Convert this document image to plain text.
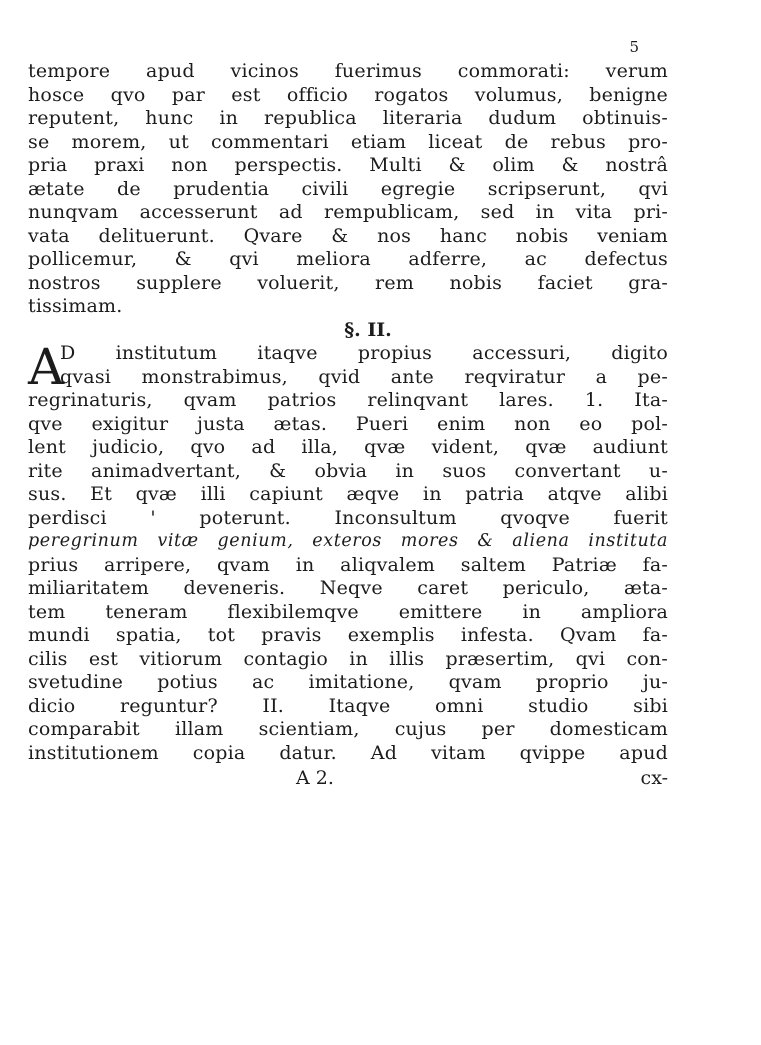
5
tempore apud vicinos fuerimus commorati: verum
hosce qvo par est officio rogatos volumus, benigne
reputent, hunc in republica literaria dudum obtinuis-
se morem, ut commentari etiam liceat de rebus pro-
pria praxi non perspectis. Multi & olim & nostrâ
ætate de prudentia civili egregie scripserunt, qvi
nunqvam accesserunt ad rempublicam, sed in vita pri-
vata delituerunt. Qvare & nos hanc nobis veniam
pollicemur, & qvi meliora adferre, ac defectus
nostros supplere voluerit, rem nobis faciet gra-
tissimam.
§. II.
A
D institutum itaqve propius accessuri, digito
qvasi monstrabimus, qvid ante reqviratur a pe-
regrinaturis, qvam patrios relinqvant lares. 1. Ita-
qve exigitur justa ætas. Pueri enim non eo pol-
lent judicio, qvo ad illa, qvæ vident, qvæ audiunt
rite animadvertant, & obvia in suos convertant u-
sus. Et qvæ illi capiunt æqve in patria atqve alibi
perdisci ' poterunt. Inconsultum qvoqve fuerit
peregrinum vitæ genium, exteros mores & aliena instituta
prius arripere, qvam in aliqvalem saltem Patriæ fa-
miliaritatem deveneris. Neqve caret periculo, æta-
tem teneram flexibilemqve emittere in ampliora
mundi spatia, tot pravis exemplis infesta. Qvam fa-
cilis est vitiorum contagio in illis præsertim, qvi con-
svetudine potius ac imitatione, qvam proprio ju-
dicio reguntur? II. Itaqve omni studio sibi
comparabit illam scientiam, cujus per domesticam
institutionem copia datur. Ad vitam qvippe apud
A 2.	cx-
